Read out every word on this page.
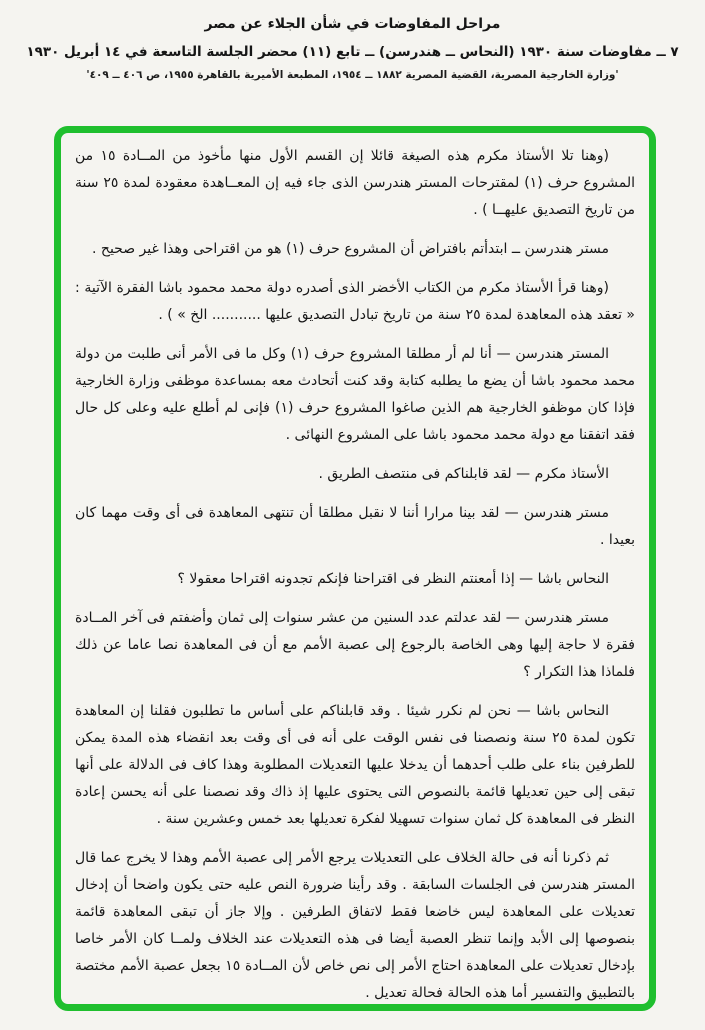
مراحل المفاوضات في شأن الجلاء عن مصر
٧ ــ مفاوضات سنة ١٩٣٠ (النحاس ــ هندرسن) ــ تابع (١١) محضر الجلسة التاسعة في ١٤ أبريل ١٩٣٠
'وزارة الخارجية المصرية، القضية المصرية ١٨٨٢ ــ ١٩٥٤، المطبعة الأميرية بالقاهرة ١٩٥٥، ص ٤٠٦ ــ ٤٠٩'

(وهنا تلا الأستاذ مكرم هذه الصيغة قائلا إن القسم الأول منها مأخوذ من المــادة ١٥ من المشروع حرف (١) لمقترحات المستر هندرسن الذى جاء فيه إن المعــاهدة معقودة لمدة ٢٥ سنة من تاريخ التصديق عليهــا ) .

مستر هندرسن ــ ابتدأتم بافتراض أن المشروع حرف (١) هو من اقتراحى وهذا غير صحيح .

(وهنا قرأ الأستاذ مكرم من الكتاب الأخضر الذى أصدره دولة محمد محمود باشا الفقرة الآتية : « تعقد هذه المعاهدة لمدة ٢٥ سنة من تاريخ تبادل التصديق عليها ........... الخ » ) .

المستر هندرسن — أنا لم أر مطلقا المشروع حرف (١) وكل ما فى الأمر أنى طلبت من دولة محمد محمود باشا أن يضع ما يطلبه كتابة وقد كنت أتحادث معه بمساعدة موظفى وزارة الخارجية فإذا كان موظفو الخارجية هم الذين صاغوا المشروع حرف (١) فإنى لم أطلع عليه وعلى كل حال فقد اتفقنا مع دولة محمد محمود باشا على المشروع النهائى .

الأستاذ مكرم — لقد قابلناكم فى منتصف الطريق .

مستر هندرسن — لقد بينا مرارا أننا لا نقبل مطلقا أن تنتهى المعاهدة فى أى وقت مهما كان بعيدا .

النحاس باشا — إذا أمعنتم النظر فى اقتراحنا فإنكم تجدونه اقتراحا معقولا ؟

مستر هندرسن — لقد عدلتم عدد السنين من عشر سنوات إلى ثمان وأضفتم فى آخر المــادة فقرة لا حاجة إليها وهى الخاصة بالرجوع إلى عصبة الأمم مع أن فى المعاهدة نصا عاما عن ذلك فلماذا هذا التكرار ؟

النحاس باشا — نحن لم نكرر شيئا . وقد قابلناكم على أساس ما تطلبون فقلنا إن المعاهدة تكون لمدة ٢٥ سنة ونصصنا فى نفس الوقت على أنه فى أى وقت بعد انقضاء هذه المدة يمكن للطرفين بناء على طلب أحدهما أن يدخلا عليها التعديلات المطلوبة وهذا كاف فى الدلالة على أنها تبقى إلى حين تعديلها قائمة بالنصوص التى يحتوى عليها إذ ذاك وقد نصصنا على أنه يحسن إعادة النظر فى المعاهدة كل ثمان سنوات تسهيلا لفكرة تعديلها بعد خمس وعشرين سنة .

ثم ذكرنا أنه فى حالة الخلاف على التعديلات يرجع الأمر إلى عصبة الأمم وهذا لا يخرج عما قال المستر هندرسن فى الجلسات السابقة . وقد رأينا ضرورة النص عليه حتى يكون واضحا أن إدخال تعديلات على المعاهدة ليس خاضعا فقط لاتفاق الطرفين . وإلا جاز أن تبقى المعاهدة قائمة بنصوصها إلى الأبد وإنما تنظر العصبة أيضا فى هذه التعديلات عند الخلاف ولمــا كان الأمر خاصا بإدخال تعديلات على المعاهدة احتاج الأمر إلى نص خاص لأن المــادة ١٥ بجعل عصبة الأمم مختصة بالتطبيق والتفسير أما هذه الحالة فحالة تعديل .
